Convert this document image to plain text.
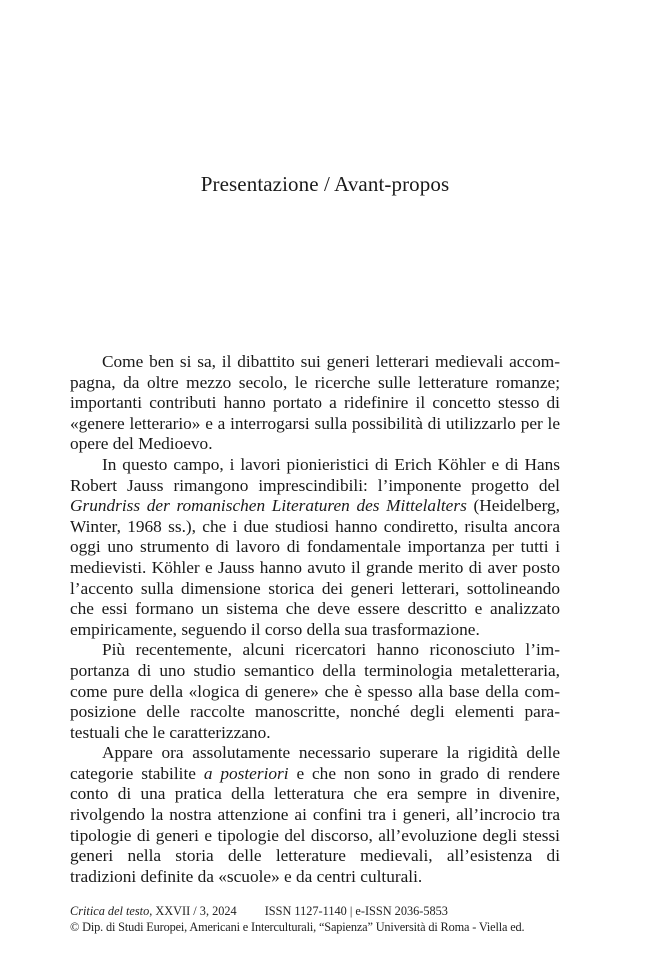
Presentazione / Avant-propos

Come ben si sa, il dibattito sui generi letterari medievali accompagna, da oltre mezzo secolo, le ricerche sulle letterature romanze; importanti contributi hanno portato a ridefinire il concetto stesso di «genere letterario» e a interrogarsi sulla possibilità di utilizzarlo per le opere del Medioevo.

In questo campo, i lavori pionieristici di Erich Köhler e di Hans Robert Jauss rimangono imprescindibili: l’imponente progetto del Grundriss der romanischen Literaturen des Mittelalters (Heidelberg, Winter, 1968 ss.), che i due studiosi hanno condiretto, risulta ancora oggi uno strumento di lavoro di fondamentale importanza per tutti i medievisti. Köhler e Jauss hanno avuto il grande merito di aver posto l’accento sulla dimensione storica dei generi letterari, sottolineando che essi formano un sistema che deve essere descritto e analizzato empiricamente, seguendo il corso della sua trasformazione.

Più recentemente, alcuni ricercatori hanno riconosciuto l’importanza di uno studio semantico della terminologia metaletteraria, come pure della «logica di genere» che è spesso alla base della composizione delle raccolte manoscritte, nonché degli elementi paratestuali che le caratterizzano.

Appare ora assolutamente necessario superare la rigidità delle categorie stabilite a posteriori e che non sono in grado di rendere conto di una pratica della letteratura che era sempre in divenire, rivolgendo la nostra attenzione ai confini tra i generi, all’incrocio tra tipologie di generi e tipologie del discorso, all’evoluzione degli stessi generi nella storia delle letterature medievali, all’esistenza di tradizioni definite da «scuole» e da centri culturali.

Critica del testo, XXVII / 3, 2024 ISSN 1127-1140 | e-ISSN 2036-5853
© Dip. di Studi Europei, Americani e Interculturali, “Sapienza” Università di Roma - Viella ed.
